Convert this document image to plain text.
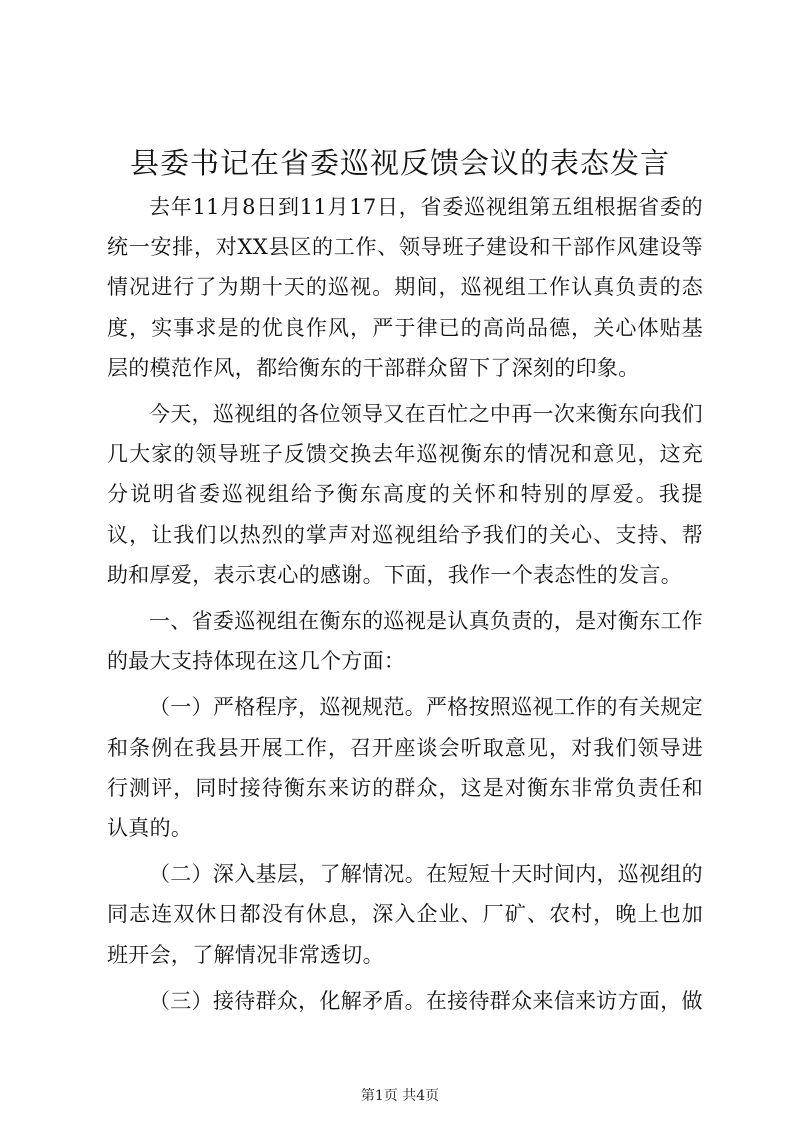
县委书记在省委巡视反馈会议的表态发言

去年11月8日到11月17日，省委巡视组第五组根据省委的统一安排，对XX县区的工作、领导班子建设和干部作风建设等情况进行了为期十天的巡视。期间，巡视组工作认真负责的态度，实事求是的优良作风，严于律已的高尚品德，关心体贴基层的模范作风，都给衡东的干部群众留下了深刻的印象。

今天，巡视组的各位领导又在百忙之中再一次来衡东向我们几大家的领导班子反馈交换去年巡视衡东的情况和意见，这充分说明省委巡视组给予衡东高度的关怀和特别的厚爱。我提议，让我们以热烈的掌声对巡视组给予我们的关心、支持、帮助和厚爱，表示衷心的感谢。下面，我作一个表态性的发言。

一、省委巡视组在衡东的巡视是认真负责的，是对衡东工作的最大支持体现在这几个方面：

（一）严格程序，巡视规范。严格按照巡视工作的有关规定和条例在我县开展工作，召开座谈会听取意见，对我们领导进行测评，同时接待衡东来访的群众，这是对衡东非常负责任和认真的。

（二）深入基层，了解情况。在短短十天时间内，巡视组的同志连双休日都没有休息，深入企业、厂矿、农村，晚上也加班开会，了解情况非常透切。

（三）接待群众，化解矛盾。在接待群众来信来访方面，做

第1页 共4页
